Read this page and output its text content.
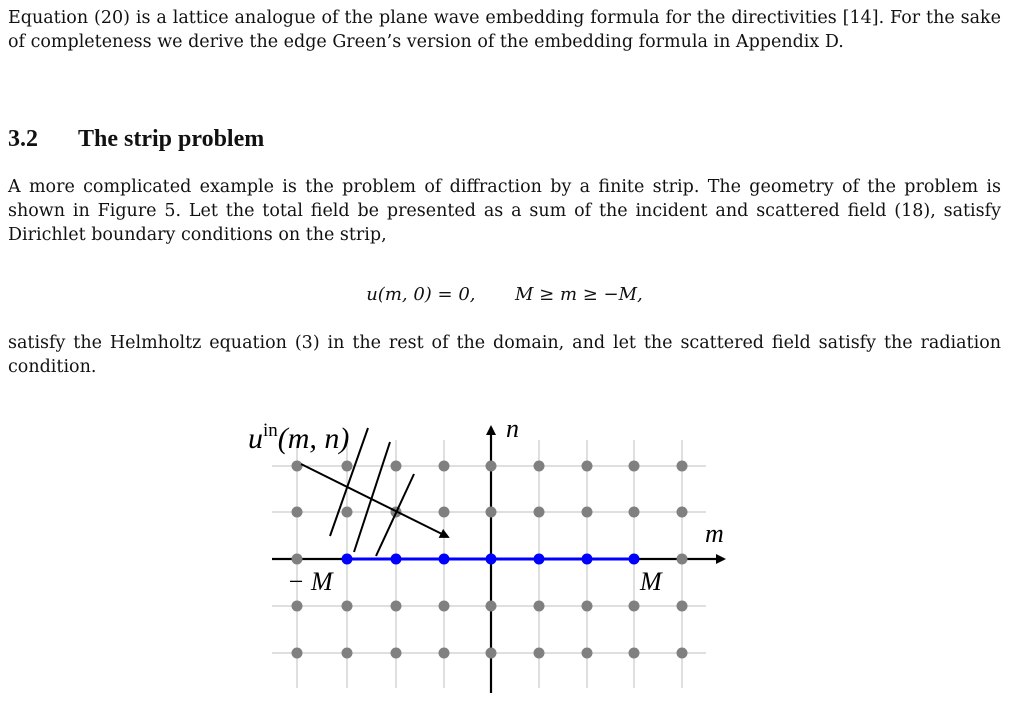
Equation (20) is a lattice analogue of the plane wave embedding formula for the directivities [14]. For the sake of completeness we derive the edge Green’s version of the embedding formula in Appendix D.

3.2 The strip problem

A more complicated example is the problem of diffraction by a finite strip. The geometry of the problem is shown in Figure 5. Let the total field be presented as a sum of the incident and scattered field (18), satisfy Dirichlet boundary conditions on the strip,

u(m, 0) = 0, M ≥ m ≥ −M,

satisfy the Helmholtz equation (3) in the rest of the domain, and let the scattered field satisfy the radiation condition.

$u^{in}(m$, n)	n
m
− M	M
